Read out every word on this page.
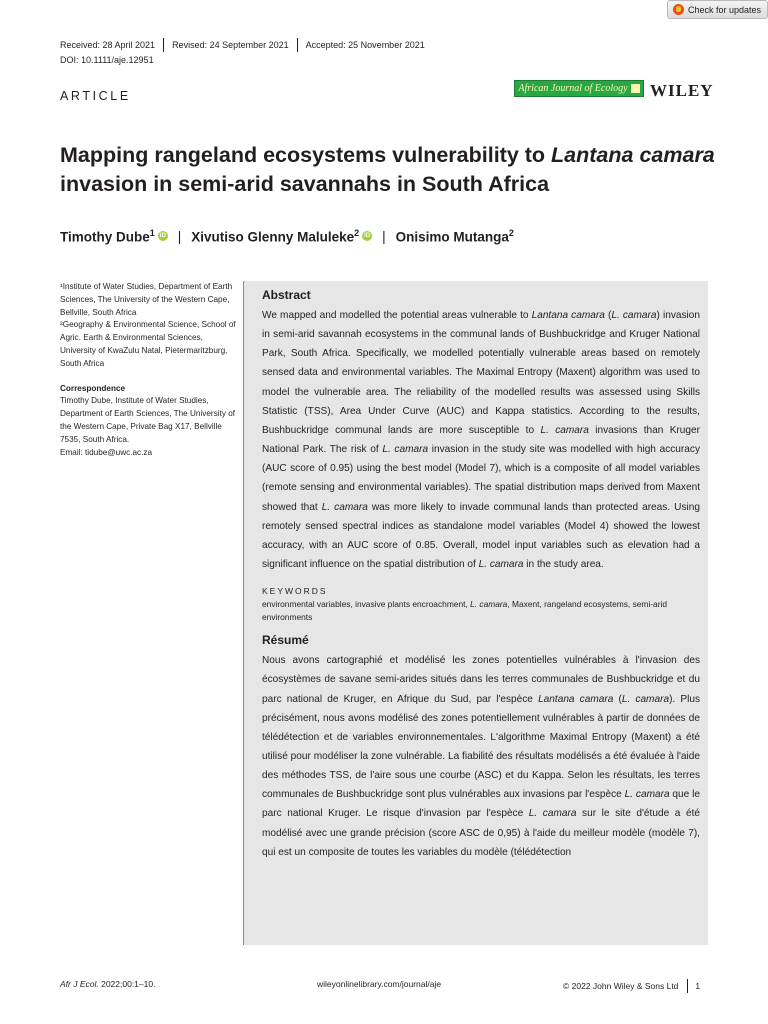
Check for updates
Received: 28 April 2021 Revised: 24 September 2021 Accepted: 25 November 2021
DOI: 10.1111/aje.12951
ARTICLE
African Journal of Ecology WILEY
Mapping rangeland ecosystems vulnerability to Lantana camara invasion in semi-arid savannahs in South Africa
Timothy Dube$^1$ iD | Xivutiso Glenny Maluleke$^2$ iD | Onisimo Mutanga$^2$

¹Institute of Water Studies, Department of Earth Sciences, The University of the Western Cape, Bellville, South Africa

²Geography & Environmental Science, School of Agric. Earth & Environmental Sciences, University of KwaZulu Natal, Pietermaritzburg, South Africa

Correspondence

Timothy Dube, Institute of Water Studies, Department of Earth Sciences, The University of the Western Cape, Private Bag X17, Bellville 7535, South Africa.

Email: tidube@uwc.ac.za

Abstract

We mapped and modelled the potential areas vulnerable to Lantana camara (L. camara) invasion in semi-arid savannah ecosystems in the communal lands of Bushbuckridge and Kruger National Park, South Africa. Specifically, we modelled potentially vulnerable areas based on remotely sensed data and environmental variables. The Maximal Entropy (Maxent) algorithm was used to model the vulnerable area. The reliability of the modelled results was assessed using Skills Statistic (TSS), Area Under Curve (AUC) and Kappa statistics. According to the results, Bushbuckridge communal lands are more susceptible to L. camara invasions than Kruger National Park. The risk of L. camara invasion in the study site was modelled with high accuracy (AUC score of 0.95) using the best model (Model 7), which is a composite of all model variables (remote sensing and environmental variables). The spatial distribution maps derived from Maxent showed that L. camara was more likely to invade communal lands than protected areas. Using remotely sensed spectral indices as standalone model variables (Model 4) showed the lowest accuracy, with an AUC score of 0.85. Overall, model input variables such as elevation had a significant influence on the spatial distribution of L. camara in the study area.

KEYWORDS
environmental variables, invasive plants encroachment, L. camara, Maxent, rangeland ecosystems, semi-arid environments
Résumé

Nous avons cartographié et modélisé les zones potentielles vulnérables à l'invasion des écosystèmes de savane semi-arides situés dans les terres communales de Bushbuckridge et du parc national de Kruger, en Afrique du Sud, par l'espèce Lantana camara (L. camara). Plus précisément, nous avons modélisé des zones potentiellement vulnérables à partir de données de télédétection et de variables environnementales. L'algorithme Maximal Entropy (Maxent) a été utilisé pour modéliser la zone vulnérable. La fiabilité des résultats modélisés a été évaluée à l'aide des méthodes TSS, de l'aire sous une courbe (ASC) et du Kappa. Selon les résultats, les terres communales de Bushbuckridge sont plus vulnérables aux invasions par l'espèce L. camara que le parc national Kruger. Le risque d'invasion par l'espèce L. camara sur le site d'étude a été modélisé avec une grande précision (score ASC de 0,95) à l'aide du meilleur modèle (modèle 7), qui est un composite de toutes les variables du modèle (télédétection

Afr J Ecol. 2022;00:1–10.	wileyonlinelibrary.com/journal/aje	© 2022 John Wiley & Sons Ltd 1
